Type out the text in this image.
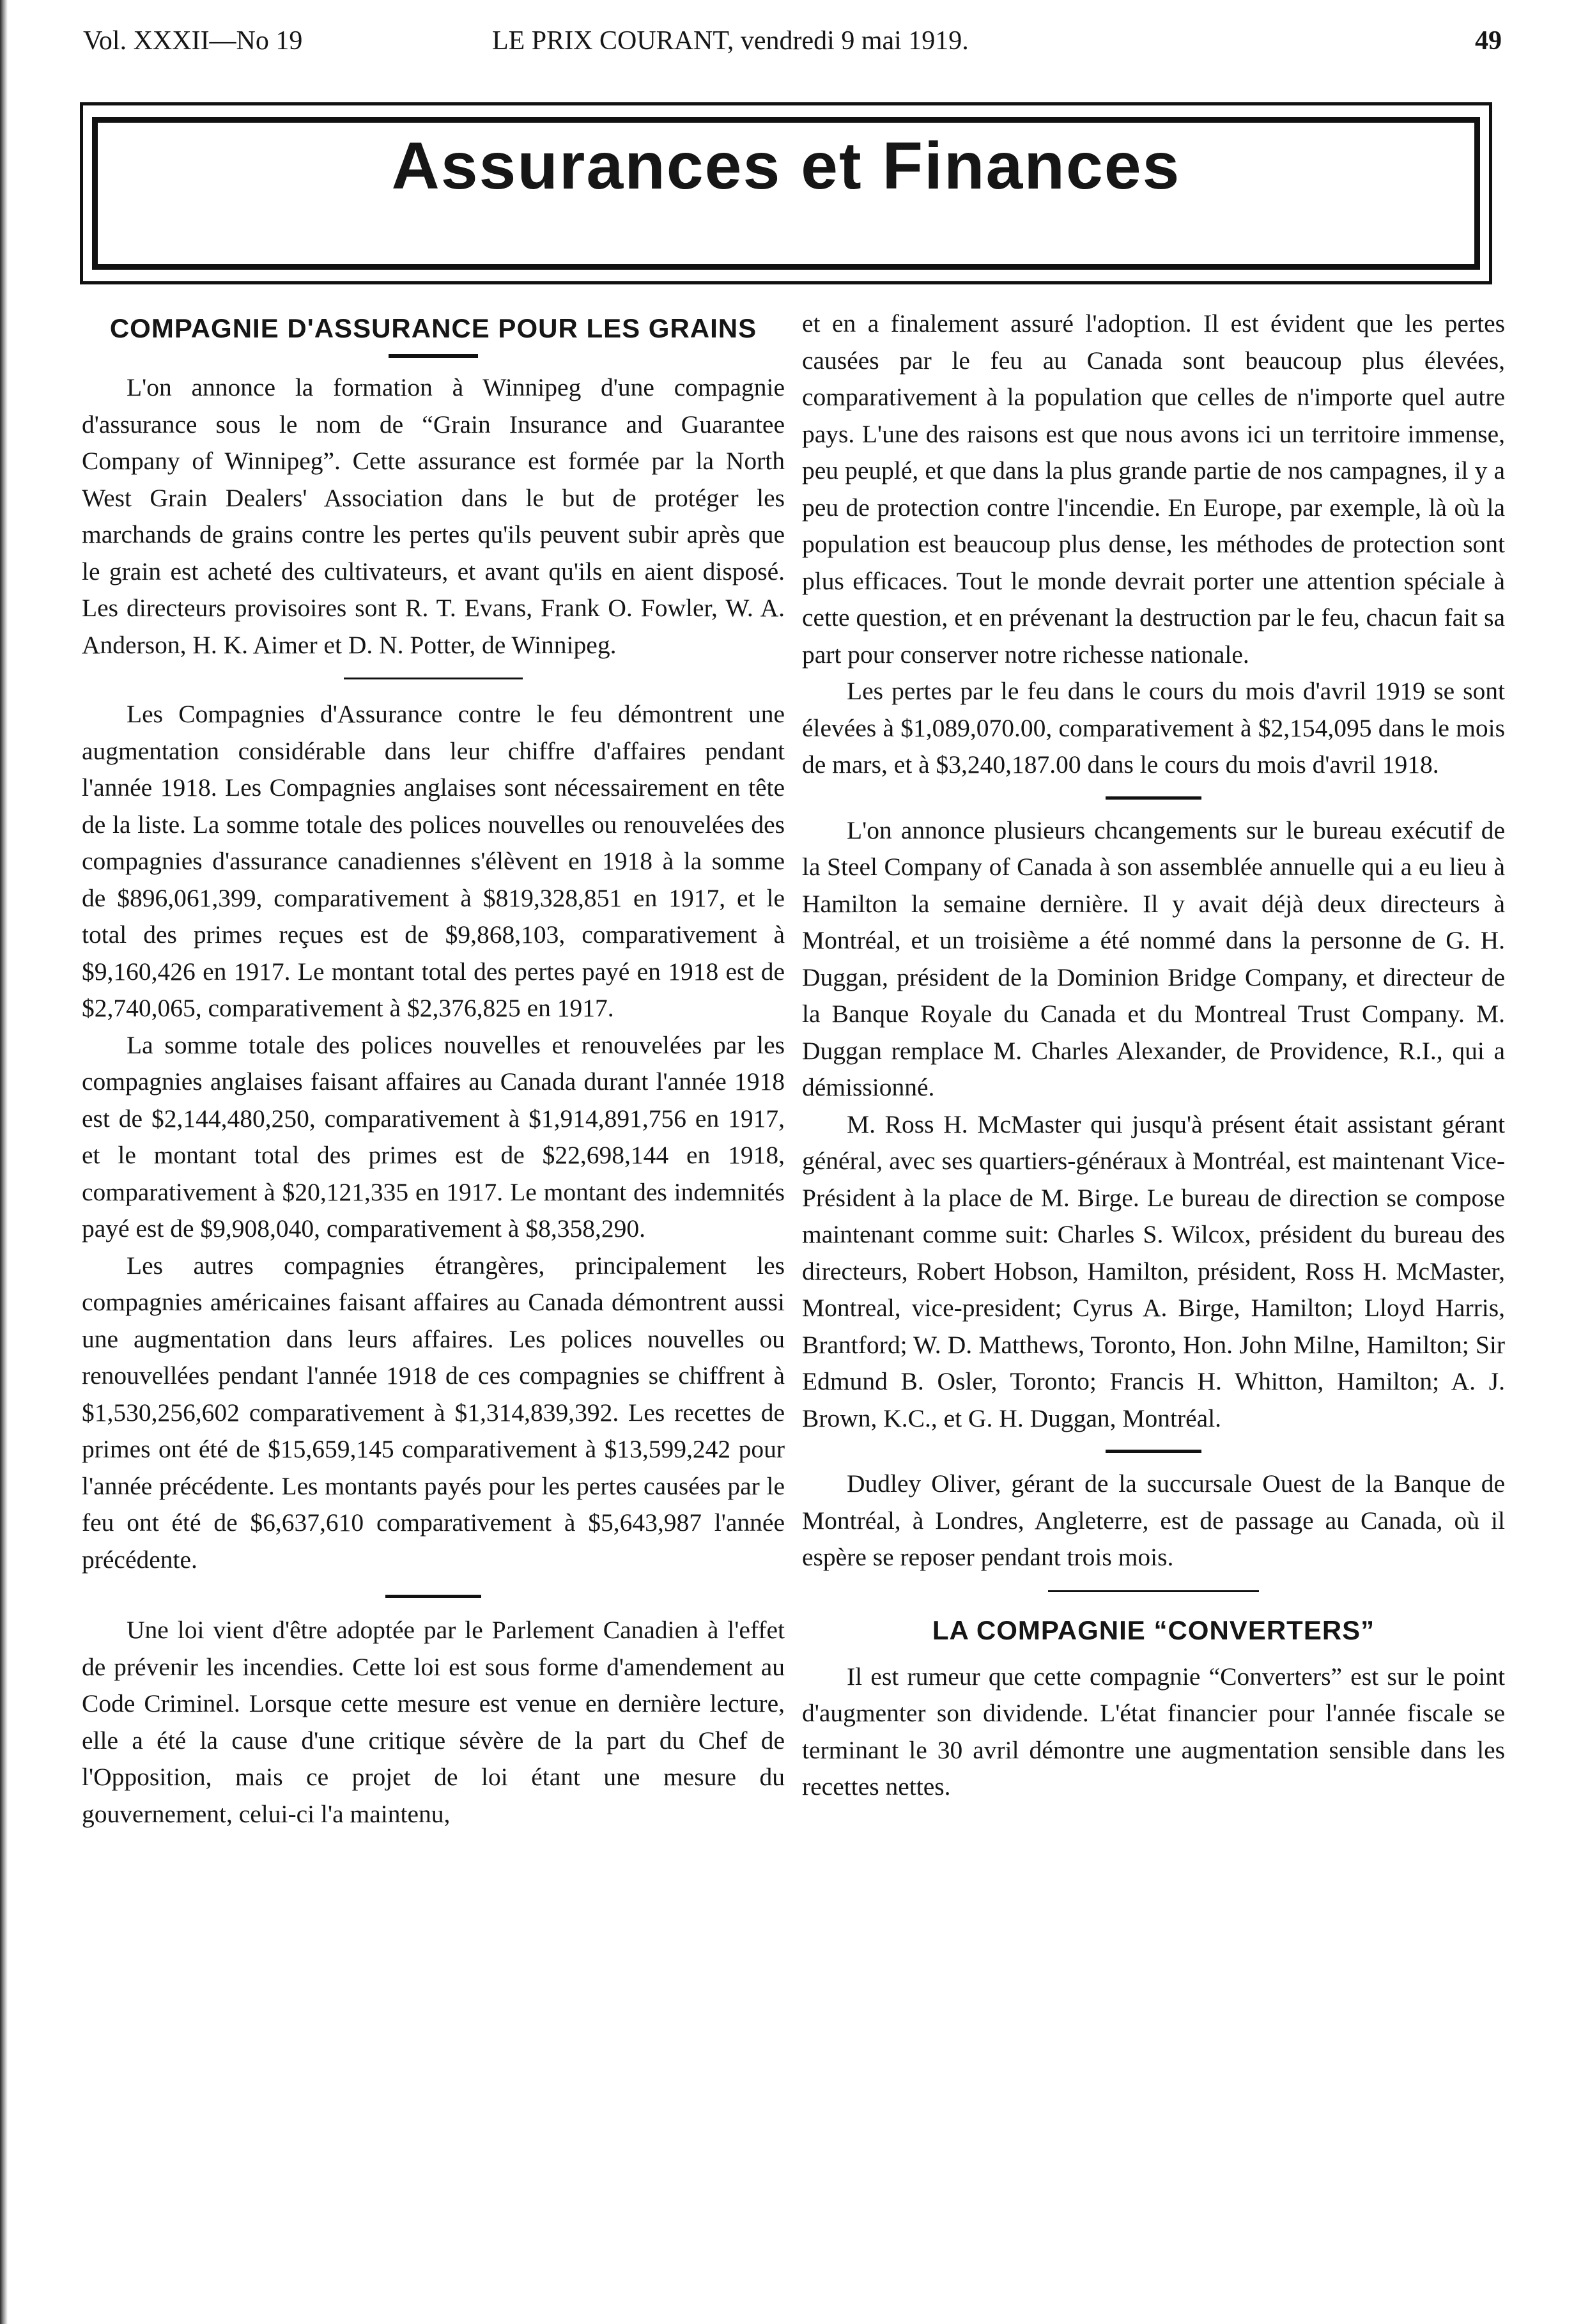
Vol. XXXII—No 19	LE PRIX COURANT, vendredi 9 mai 1919.	49
Assurances et Finances
COMPAGNIE D'ASSURANCE POUR LES GRAINS

L'on annonce la formation à Winnipeg d'une compagnie d'assurance sous le nom de “Grain Insurance and Guarantee Company of Winnipeg”. Cette assurance est formée par la North West Grain Dealers' Association dans le but de protéger les marchands de grains contre les pertes qu'ils peuvent subir après que le grain est acheté des cultivateurs, et avant qu'ils en aient disposé. Les directeurs provisoires sont R. T. Evans, Frank O. Fowler, W. A. Anderson, H. K. Aimer et D. N. Potter, de Winnipeg.

Les Compagnies d'Assurance contre le feu démontrent une augmentation considérable dans leur chiffre d'affaires pendant l'année 1918. Les Compagnies anglaises sont nécessairement en tête de la liste. La somme totale des polices nouvelles ou renouvelées des compagnies d'assurance canadiennes s'élèvent en 1918 à la somme de $896,061,399, comparativement à $819,328,851 en 1917, et le total des primes reçues est de $9,868,103, comparativement à $9,160,426 en 1917. Le montant total des pertes payé en 1918 est de $2,740,065, comparativement à $2,376,825 en 1917.

La somme totale des polices nouvelles et renouvelées par les compagnies anglaises faisant affaires au Canada durant l'année 1918 est de $2,144,480,250, comparativement à $1,914,891,756 en 1917, et le montant total des primes est de $22,698,144 en 1918, comparativement à $20,121,335 en 1917. Le montant des indemnités payé est de $9,908,040, comparativement à $8,358,290.

Les autres compagnies étrangères, principalement les compagnies américaines faisant affaires au Canada démontrent aussi une augmentation dans leurs affaires. Les polices nouvelles ou renouvellées pendant l'année 1918 de ces compagnies se chiffrent à $1,530,256,602 comparativement à $1,314,839,392. Les recettes de primes ont été de $15,659,145 comparativement à $13,599,242 pour l'année précédente. Les montants payés pour les pertes causées par le feu ont été de $6,637,610 comparativement à $5,643,987 l'année précédente.

Une loi vient d'être adoptée par le Parlement Canadien à l'effet de prévenir les incendies. Cette loi est sous forme d'amendement au Code Criminel. Lorsque cette mesure est venue en dernière lecture, elle a été la cause d'une critique sévère de la part du Chef de l'Opposition, mais ce projet de loi étant une mesure du gouvernement, celui-ci l'a maintenu,

et en a finalement assuré l'adoption. Il est évident que les pertes causées par le feu au Canada sont beaucoup plus élevées, comparativement à la population que celles de n'importe quel autre pays. L'une des raisons est que nous avons ici un territoire immense, peu peuplé, et que dans la plus grande partie de nos campagnes, il y a peu de protection contre l'incendie. En Europe, par exemple, là où la population est beaucoup plus dense, les méthodes de protection sont plus efficaces. Tout le monde devrait porter une attention spéciale à cette question, et en prévenant la destruction par le feu, chacun fait sa part pour conserver notre richesse nationale.

Les pertes par le feu dans le cours du mois d'avril 1919 se sont élevées à $1,089,070.00, comparativement à $2,154,095 dans le mois de mars, et à $3,240,187.00 dans le cours du mois d'avril 1918.

L'on annonce plusieurs chcangements sur le bureau exécutif de la Steel Company of Canada à son assemblée annuelle qui a eu lieu à Hamilton la semaine dernière. Il y avait déjà deux directeurs à Montréal, et un troisième a été nommé dans la personne de G. H. Duggan, président de la Dominion Bridge Company, et directeur de la Banque Royale du Canada et du Montreal Trust Company. M. Duggan remplace M. Charles Alexander, de Providence, R.I., qui a démissionné.

M. Ross H. McMaster qui jusqu'à présent était assistant gérant général, avec ses quartiers-généraux à Montréal, est maintenant Vice-Président à la place de M. Birge. Le bureau de direction se compose maintenant comme suit: Charles S. Wilcox, président du bureau des directeurs, Robert Hobson, Hamilton, président, Ross H. McMaster, Montreal, vice-president; Cyrus A. Birge, Hamilton; Lloyd Harris, Brantford; W. D. Matthews, Toronto, Hon. John Milne, Hamilton; Sir Edmund B. Osler, Toronto; Francis H. Whitton, Hamilton; A. J. Brown, K.C., et G. H. Duggan, Montréal.

Dudley Oliver, gérant de la succursale Ouest de la Banque de Montréal, à Londres, Angleterre, est de passage au Canada, où il espère se reposer pendant trois mois.

LA COMPAGNIE “CONVERTERS”

Il est rumeur que cette compagnie “Converters” est sur le point d'augmenter son dividende. L'état financier pour l'année fiscale se terminant le 30 avril démontre une augmentation sensible dans les recettes nettes.
